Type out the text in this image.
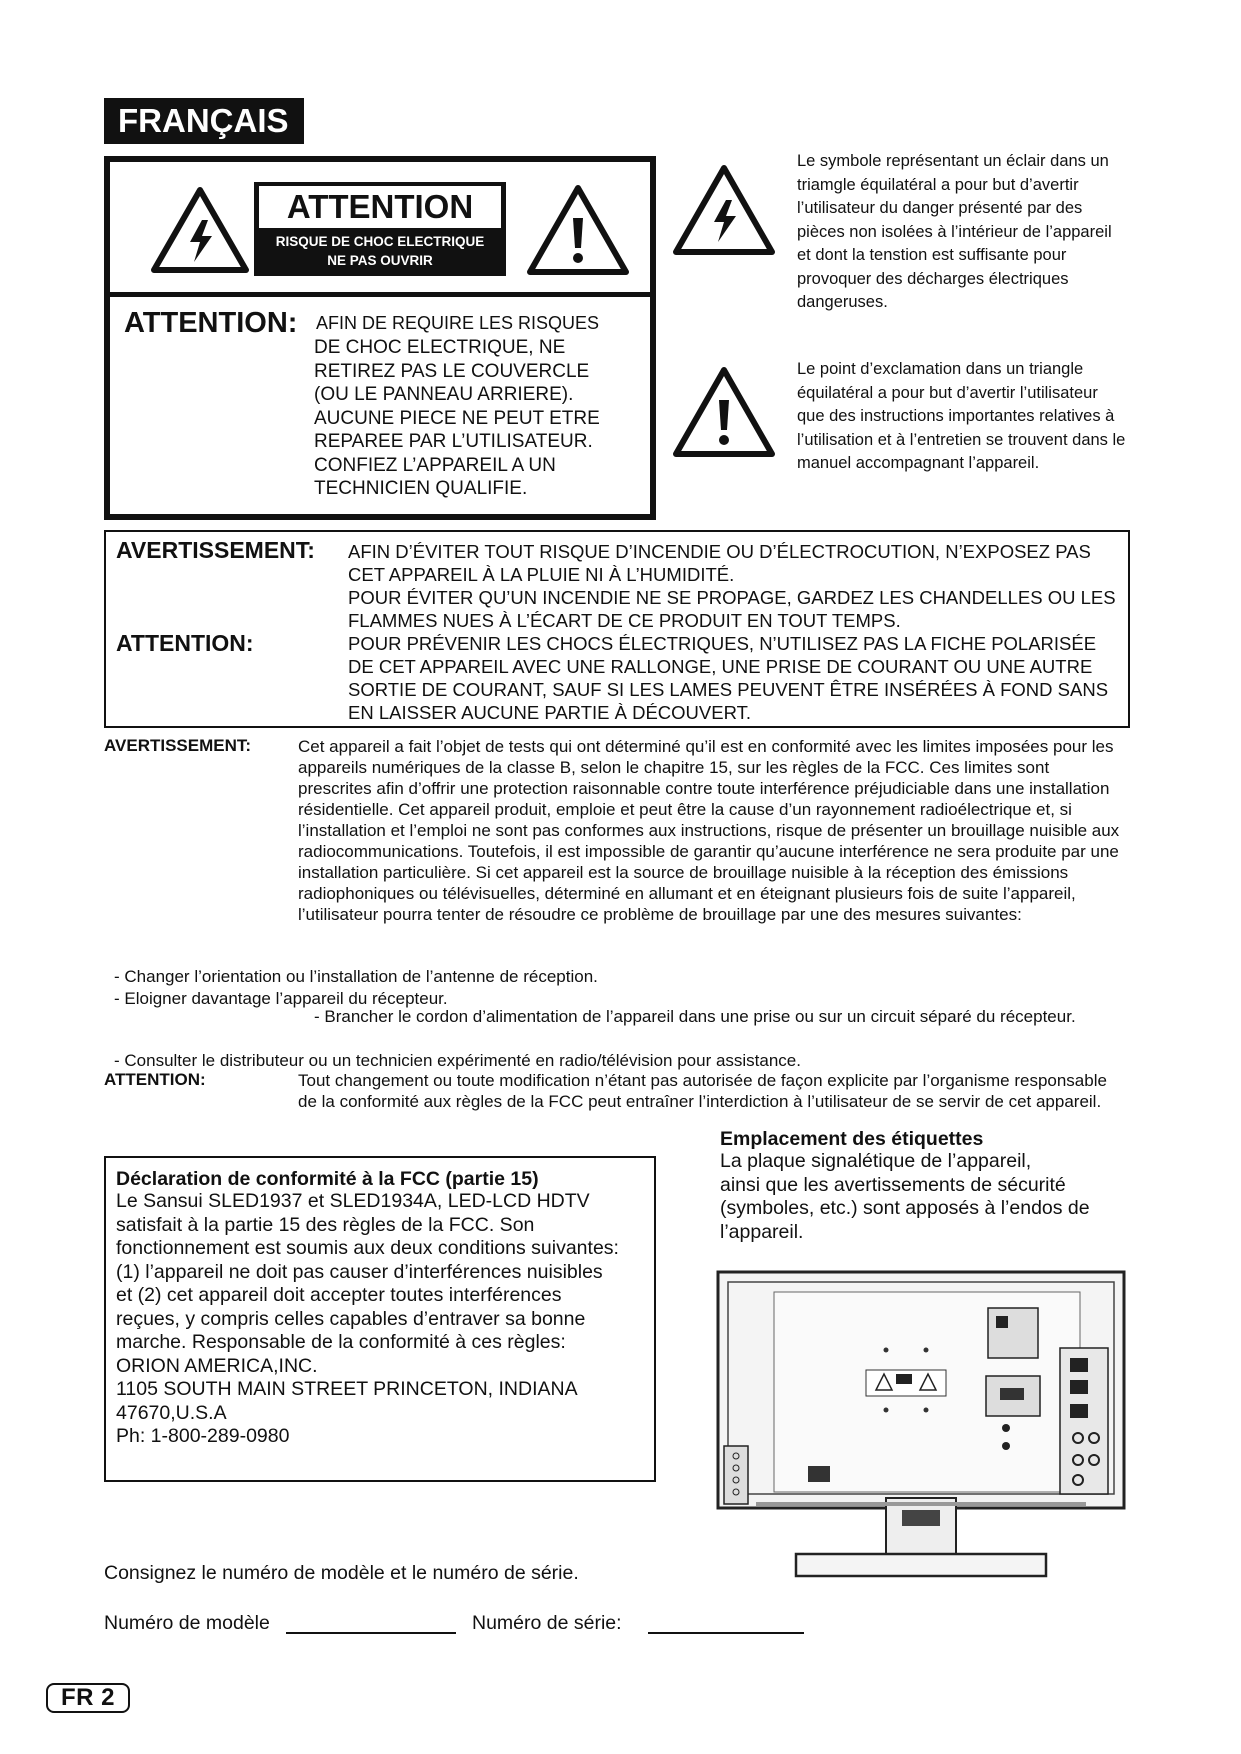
FRANÇAIS
ATTENTION
RISQUE DE CHOC ELECTRIQUE
NE PAS OUVRIR
ATTENTION: AFIN DE REQUIRE LES RISQUES
DE CHOC ELECTRIQUE, NE
RETIREZ PAS LE COUVERCLE
(OU LE PANNEAU ARRIERE).
AUCUNE PIECE NE PEUT ETRE
REPAREE PAR L’UTILISATEUR.
CONFIEZ L’APPAREIL A UN
TECHNICIEN QUALIFIE.
Le symbole représentant un éclair dans un triamgle équilatéral a pour but d’avertir l’utilisateur du danger présenté par des pièces non isolées à l’intérieur de l’appareil et dont la tenstion est suffisante pour provoquer des décharges électriques dangeruses.
Le point d’exclamation dans un triangle équilatéral a pour but d’avertir l’utilisateur que des instructions importantes relatives à l’utilisation et à l’entretien se trouvent dans le manuel accompagnant l’appareil.
AVERTISSEMENT: AFIN D’ÉVITER TOUT RISQUE D’INCENDIE OU D’ÉLECTROCUTION, N’EXPOSEZ PAS CET APPAREIL À LA PLUIE NI À L’HUMIDITÉ.
POUR ÉVITER QU’UN INCENDIE NE SE PROPAGE, GARDEZ LES CHANDELLES OU LES FLAMMES NUES À L’ÉCART DE CE PRODUIT EN TOUT TEMPS.
ATTENTION:	POUR PRÉVENIR LES CHOCS ÉLECTRIQUES, N’UTILISEZ PAS LA FICHE POLARISÉE DE CET APPAREIL AVEC UNE RALLONGE, UNE PRISE DE COURANT OU UNE AUTRE SORTIE DE COURANT, SAUF SI LES LAMES PEUVENT ÊTRE INSÉRÉES À FOND SANS EN LAISSER AUCUNE PARTIE À DÉCOUVERT.
AVERTISSEMENT:	Cet appareil a fait l’objet de tests qui ont déterminé qu’il est en conformité avec les limites imposées pour les appareils numériques de la classe B, selon le chapitre 15, sur les règles de la FCC. Ces limites sont prescrites afin d’offrir une protection raisonnable contre toute interférence préjudiciable dans une installation résidentielle. Cet appareil produit, emploie et peut être la cause d’un rayonnement radioélectrique et, si l’installation et l’emploi ne sont pas conformes aux instructions, risque de présenter un brouillage nuisible aux radiocommunications. Toutefois, il est impossible de garantir qu’aucune interférence ne sera produite par une installation particulière. Si cet appareil est la source de brouillage nuisible à la réception des émissions radiophoniques ou télévisuelles, déterminé en allumant et en éteignant plusieurs fois de suite l’appareil, l’utilisateur pourra tenter de résoudre ce problème de brouillage par une des mesures suivantes:
- Changer l’orientation ou l’installation de l’antenne de réception.
- Eloigner davantage l’appareil du récepteur.
- Brancher le cordon d’alimentation de l’appareil dans une prise ou sur un circuit séparé du récepteur.
- Consulter le distributeur ou un technicien expérimenté en radio/télévision pour assistance.
ATTENTION:	Tout changement ou toute modification n’étant pas autorisée de façon explicite par l’organisme responsable de la conformité aux règles de la FCC peut entraîner l’interdiction à l’utilisateur de se servir de cet appareil.
Déclaration de conformité à la FCC (partie 15)
Le Sansui SLED1937 et SLED1934A, LED-LCD HDTV
satisfait à la partie 15 des règles de la FCC. Son
fonctionnement est soumis aux deux conditions suivantes:
(1) l’appareil ne doit pas causer d’interférences nuisibles
et (2) cet appareil doit accepter toutes interférences
reçues, y compris celles capables d’entraver sa bonne
marche. Responsable de la conformité à ces règles:
ORION AMERICA,INC.
1105 SOUTH MAIN STREET PRINCETON, INDIANA
47670,U.S.A
Ph: 1-800-289-0980
Emplacement des étiquettes
La plaque signalétique de l’appareil,
ainsi que les avertissements de sécurité
(symboles, etc.) sont apposés à l’endos de
l’appareil.
Consignez le numéro de modèle et le numéro de série.
Numéro de modèle	Numéro de série:
FR 2
